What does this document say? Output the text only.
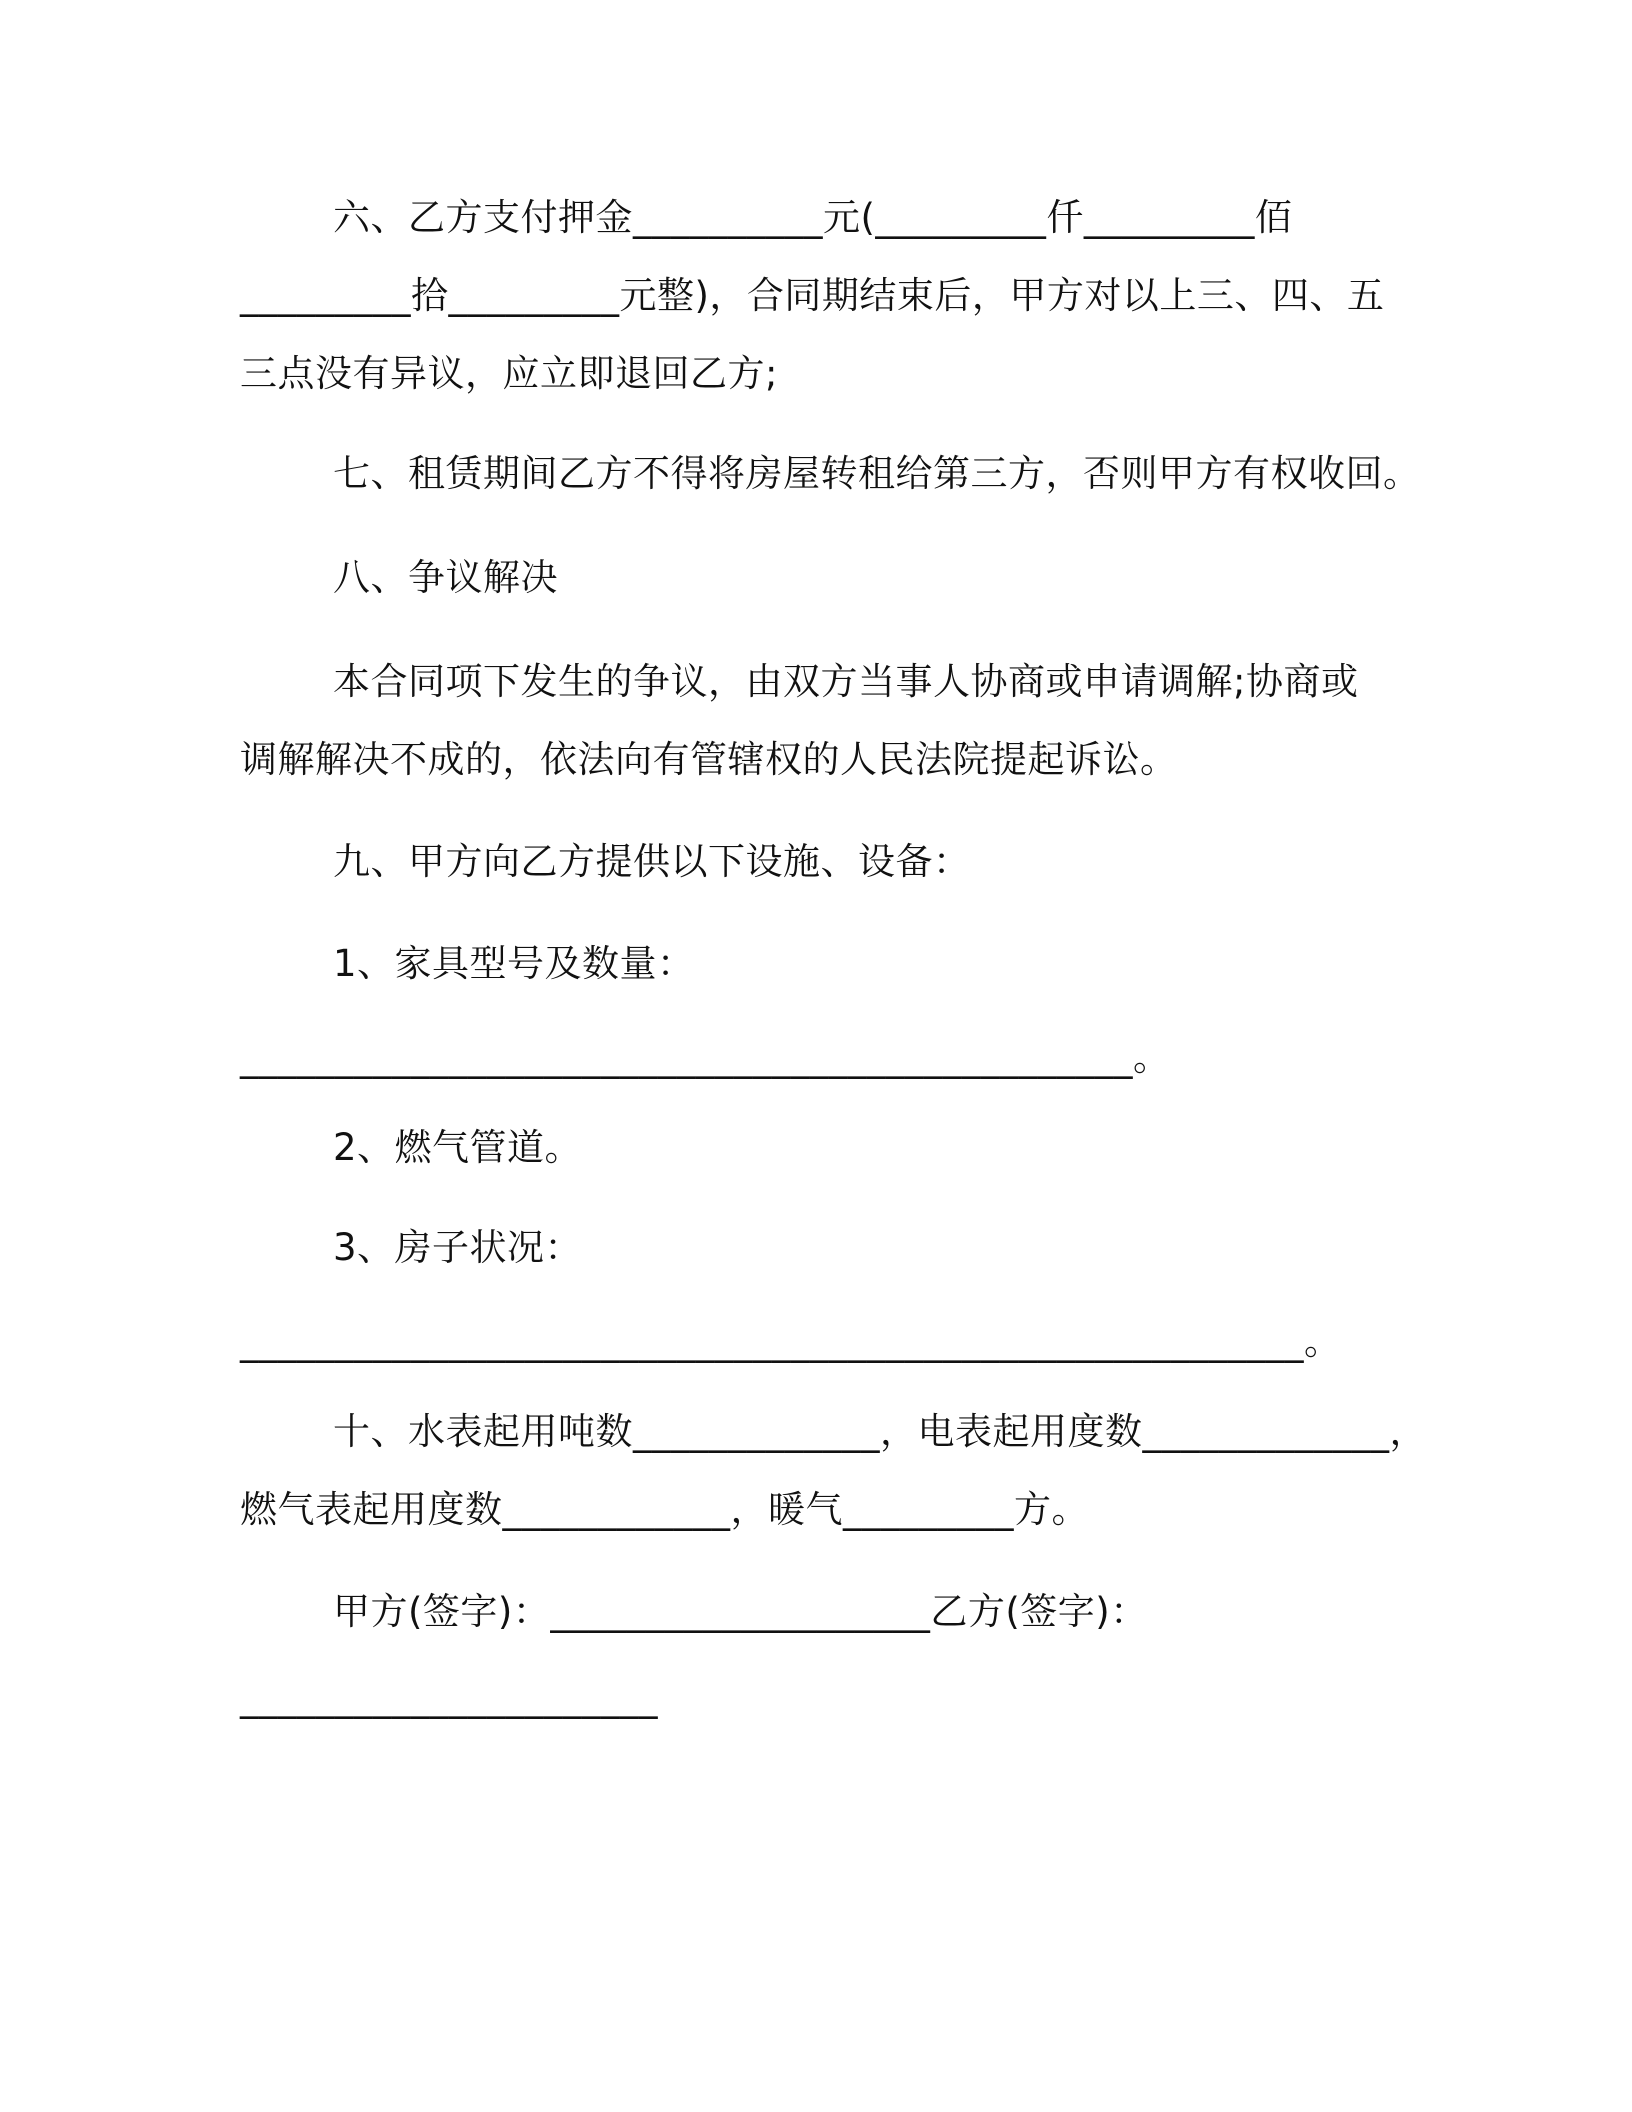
六、乙方支付押金__________元(_________仟_________佰
_________拾_________元整)，合同期结束后，甲方对以上三、四、五
三点没有异议，应立即退回乙方;
七、租赁期间乙方不得将房屋转租给第三方，否则甲方有权收回。
八、争议解决
本合同项下发生的争议，由双方当事人协商或申请调解;协商或
调解解决不成的，依法向有管辖权的人民法院提起诉讼。
九、甲方向乙方提供以下设施、设备：
1、家具型号及数量：
_______________________________________________。
2、燃气管道。
3、房子状况：
________________________________________________________。
十、水表起用吨数_____________，电表起用度数_____________，
燃气表起用度数____________，暖气_________方。
甲方(签字)：____________________乙方(签字)：
______________________
